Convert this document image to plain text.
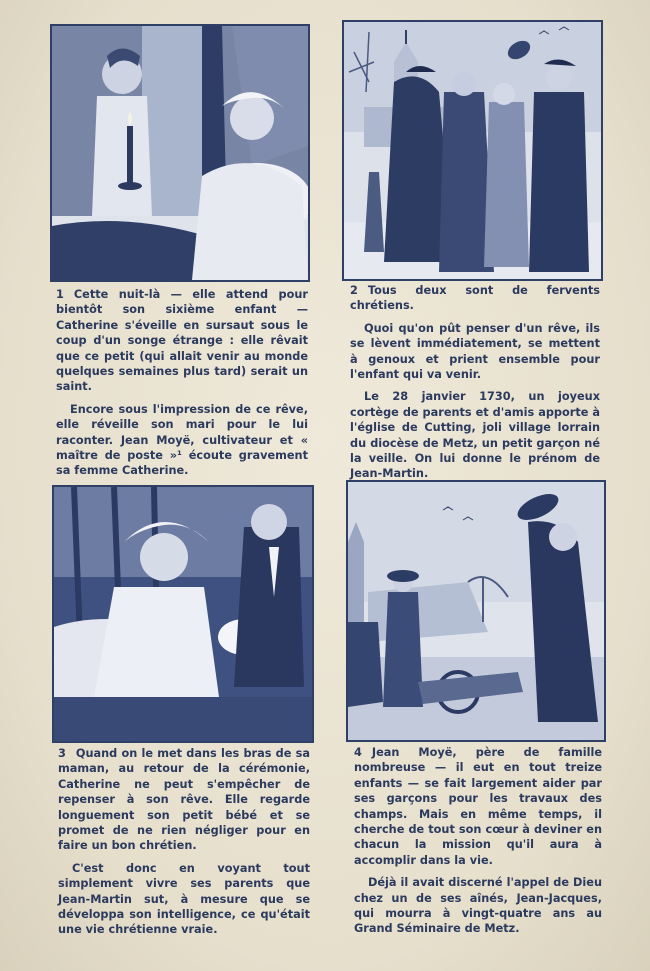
1 Cette nuit-là — elle attend pour bientôt son sixième enfant — Catherine s'éveille en sursaut sous le coup d'un songe étrange : elle rêvait que ce petit (qui allait venir au monde quelques semaines plus tard) serait un saint.

Encore sous l'impression de ce rêve, elle réveille son mari pour le lui raconter. Jean Moyë, cultivateur et « maître de poste »¹ écoute gravement sa femme Catherine.

2 Tous deux sont de fervents chrétiens.

Quoi qu'on pût penser d'un rêve, ils se lèvent immédiatement, se mettent à genoux et prient ensemble pour l'enfant qui va venir.

Le 28 janvier 1730, un joyeux cortège de parents et d'amis apporte à l'église de Cutting, joli village lorrain du diocèse de Metz, un petit garçon né la veille. On lui donne le prénom de Jean-Martin.

3 Quand on le met dans les bras de sa maman, au retour de la cérémonie, Catherine ne peut s'empêcher de repenser à son rêve. Elle regarde longuement son petit bébé et se promet de ne rien négliger pour en faire un bon chrétien.

C'est donc en voyant tout simplement vivre ses parents que Jean-Martin sut, à mesure que se développa son intelligence, ce qu'était une vie chrétienne vraie.

4 Jean Moyë, père de famille nombreuse — il eut en tout treize enfants — se fait largement aider par ses garçons pour les travaux des champs. Mais en même temps, il cherche de tout son cœur à deviner en chacun la mission qu'il aura à accomplir dans la vie.

Déjà il avait discerné l'appel de Dieu chez un de ses aînés, Jean-Jacques, qui mourra à vingt-quatre ans au Grand Séminaire de Metz.
